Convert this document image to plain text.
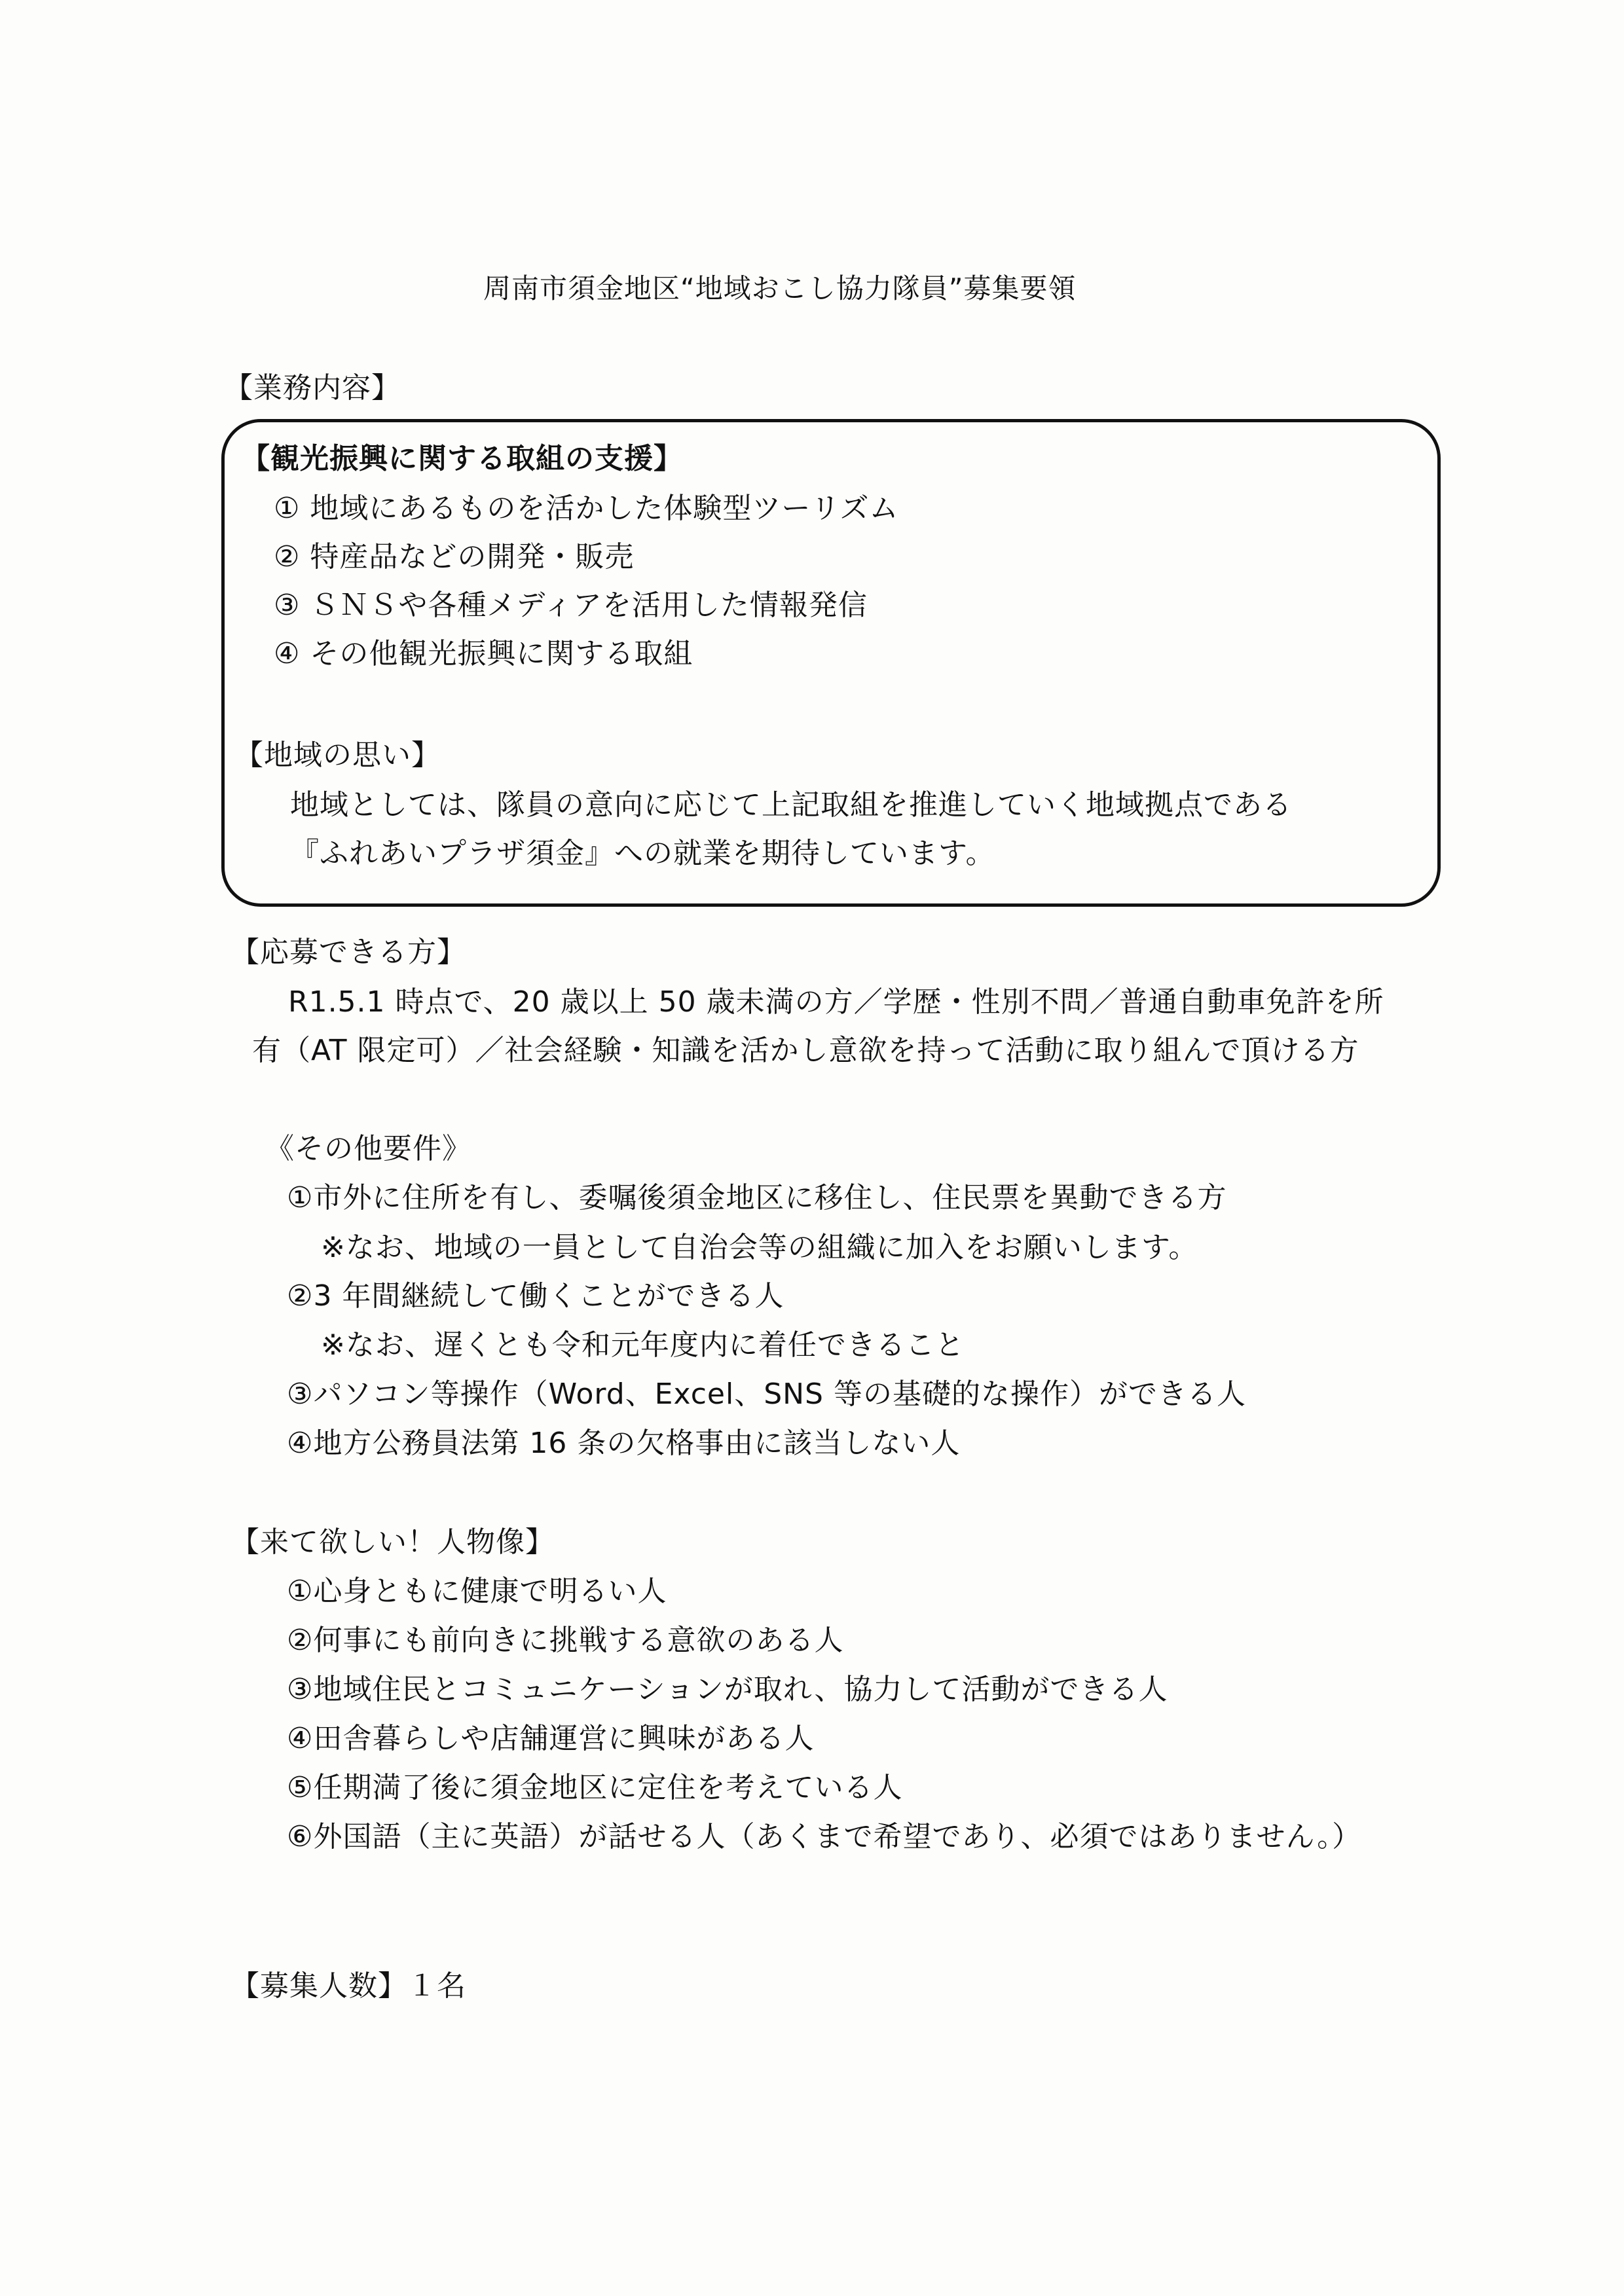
周南市須金地区“地域おこし協力隊員”募集要領
【業務内容】
【観光振興に関する取組の支援】
① 地域にあるものを活かした体験型ツーリズム
② 特産品などの開発・販売
③ ＳＮＳや各種メディアを活用した情報発信
④ その他観光振興に関する取組
【地域の思い】
地域としては、隊員の意向に応じて上記取組を推進していく地域拠点である
『ふれあいプラザ須金』への就業を期待しています。
【応募できる方】
R1.5.1 時点で、20 歳以上 50 歳未満の方／学歴・性別不問／普通自動車免許を所
有（AT 限定可）／社会経験・知識を活かし意欲を持って活動に取り組んで頂ける方
《その他要件》
①市外に住所を有し、委嘱後須金地区に移住し、住民票を異動できる方
※なお、地域の一員として自治会等の組織に加入をお願いします。
②3 年間継続して働くことができる人
※なお、遅くとも令和元年度内に着任できること
③パソコン等操作（Word、Excel、SNS 等の基礎的な操作）ができる人
④地方公務員法第 16 条の欠格事由に該当しない人
【来て欲しい！人物像】
①心身ともに健康で明るい人
②何事にも前向きに挑戦する意欲のある人
③地域住民とコミュニケーションが取れ、協力して活動ができる人
④田舎暮らしや店舗運営に興味がある人
⑤任期満了後に須金地区に定住を考えている人
⑥外国語（主に英語）が話せる人（あくまで希望であり、必須ではありません。）
【募集人数】１名
